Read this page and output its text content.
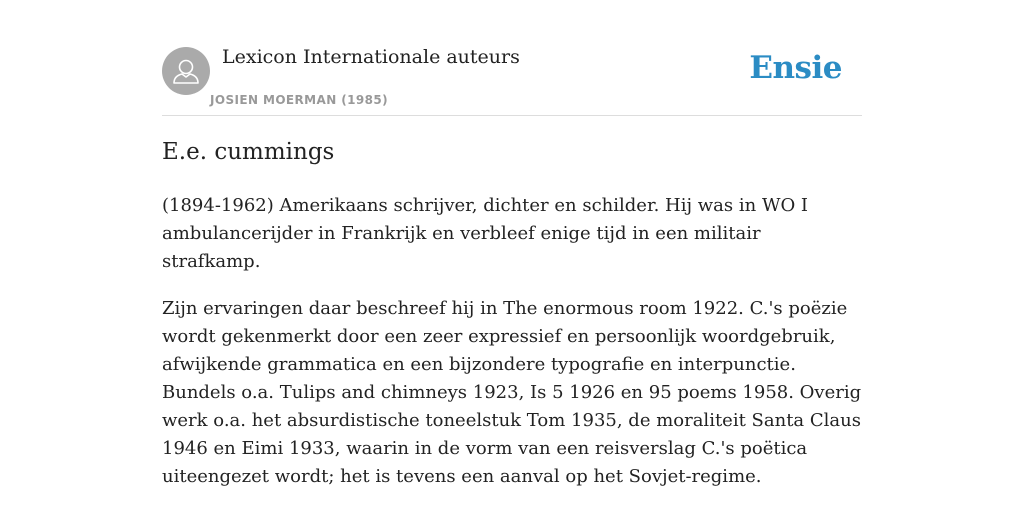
Lexicon Internationale auteurs
JOSIEN MOERMAN (1985)
Ensie
E.e. cummings

(1894-1962) Amerikaans schrijver, dichter en schilder. Hij was in WO I ambulancerijder in Frankrijk en verbleef enige tijd in een militair strafkamp.

Zijn ervaringen daar beschreef hij in The enormous room 1922. C.'s poëzie wordt gekenmerkt door een zeer expressief en persoonlijk woordgebruik, afwijkende grammatica en een bijzondere typografie en interpunctie. Bundels o.a. Tulips and chimneys 1923, Is 5 1926 en 95 poems 1958. Overig werk o.a. het absurdistische toneelstuk Tom 1935, de moraliteit Santa Claus 1946 en Eimi 1933, waarin in de vorm van een reisverslag C.'s poëtica uiteengezet wordt; het is tevens een aanval op het Sovjet-regime.
